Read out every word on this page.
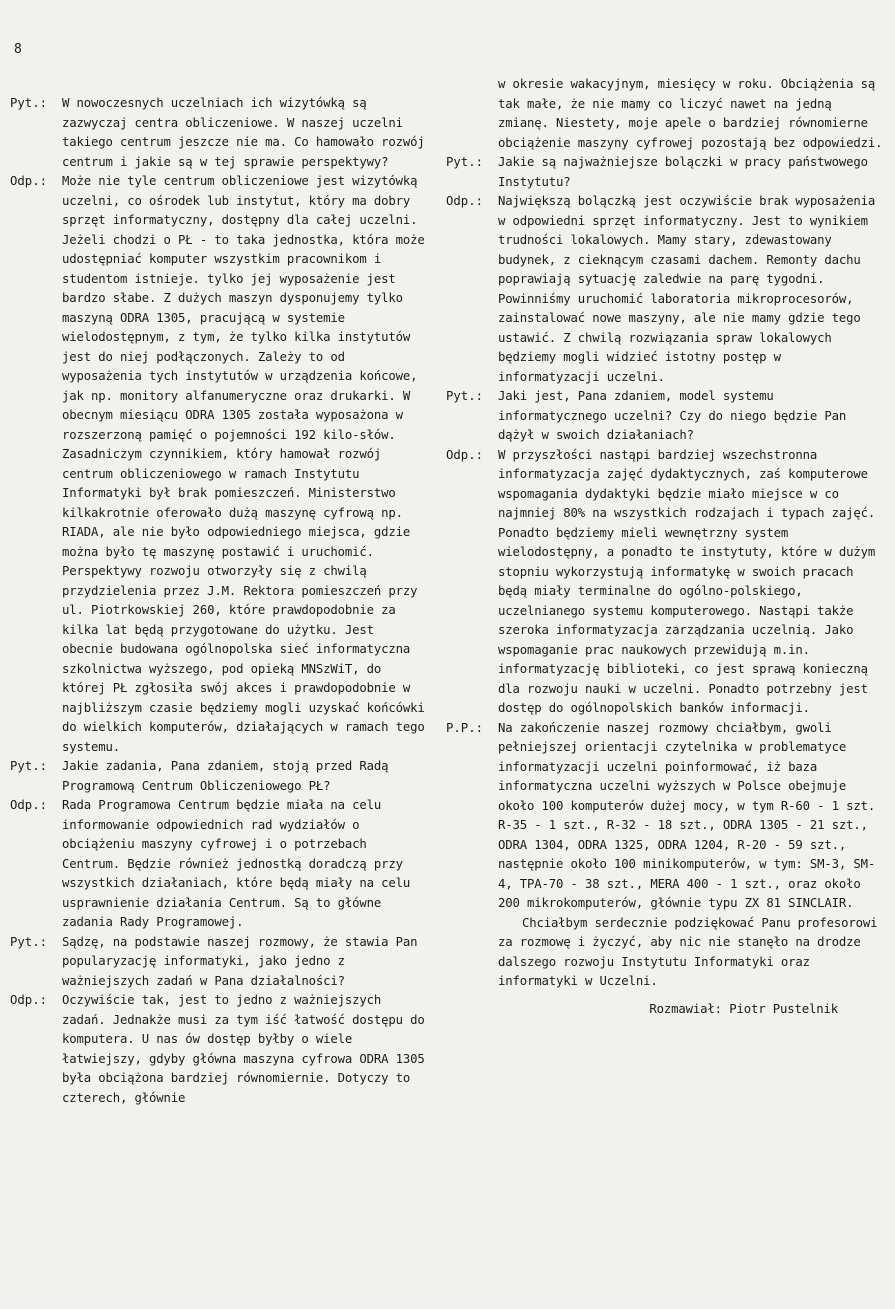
8
Pyt.:	W nowoczesnych uczelniach ich wizytówką są zazwyczaj centra obliczeniowe. W naszej uczelni takiego centrum jeszcze nie ma. Co hamowało rozwój centrum i jakie są w tej sprawie perspektywy?
Odp.:	Może nie tyle centrum obliczeniowe jest wizytówką uczelni, co ośrodek lub instytut, który ma dobry sprzęt informatyczny, dostępny dla całej uczelni. Jeżeli chodzi o PŁ - to taka jednostka, która może udostępniać komputer wszystkim pracownikom i studentom istnieje. tylko jej wyposażenie jest bardzo słabe. Z dużych maszyn dysponujemy tylko maszyną ODRA 1305, pracującą w systemie wielodostępnym, z tym, że tylko kilka instytutów jest do niej podłączonych. Zależy to od wyposażenia tych instytutów w urządzenia końcowe, jak np. monitory alfanumeryczne oraz drukarki. W obecnym miesiącu ODRA 1305 została wyposażona w rozszerzoną pamięć o pojemności 192 kilo-słów. Zasadniczym czynnikiem, który hamował rozwój centrum obliczeniowego w ramach Instytutu Informatyki był brak pomieszczeń. Ministerstwo kilkakrotnie oferowało dużą maszynę cyfrową np. RIADA, ale nie było odpowiedniego miejsca, gdzie można było tę maszynę postawić i uruchomić. Perspektywy rozwoju otworzyły się z chwilą przydzielenia przez J.M. Rektora pomieszczeń przy ul. Piotrkowskiej 260, które prawdopodobnie za kilka lat będą przygotowane do użytku. Jest obecnie budowana ogólnopolska sieć informatyczna szkolnictwa wyższego, pod opieką MNSzWiT, do której PŁ zgłosiła swój akces i prawdopodobnie w najbliższym czasie będziemy mogli uzyskać końcówki do wielkich komputerów, działających w ramach tego systemu.
Pyt.:	Jakie zadania, Pana zdaniem, stoją przed Radą Programową Centrum Obliczeniowego PŁ?
Odp.:	Rada Programowa Centrum będzie miała na celu informowanie odpowiednich rad wydziałów o obciążeniu maszyny cyfrowej i o potrzebach Centrum. Będzie również jednostką doradczą przy wszystkich działaniach, które będą miały na celu usprawnienie działania Centrum. Są to główne zadania Rady Programowej.
Pyt.:	Sądzę, na podstawie naszej rozmowy, że stawia Pan popularyzację informatyki, jako jedno z ważniejszych zadań w Pana działalności?
Odp.:	Oczywiście tak, jest to jedno z ważniejszych zadań. Jednakże musi za tym iść łatwość dostępu do komputera. U nas ów dostęp byłby o wiele łatwiejszy, gdyby główna maszyna cyfrowa ODRA 1305 była obciążona bardziej równomiernie. Dotyczy to czterech, głównie
w okresie wakacyjnym, miesięcy w roku. Obciążenia są tak małe, że nie mamy co liczyć nawet na jedną zmianę. Niestety, moje apele o bardziej równomierne obciążenie maszyny cyfrowej pozostają bez odpowiedzi.
Pyt.:	Jakie są najważniejsze bolączki w pracy państwowego Instytutu?
Odp.:	Największą bolączką jest oczywiście brak wyposażenia w odpowiedni sprzęt informatyczny. Jest to wynikiem trudności lokalowych. Mamy stary, zdewastowany budynek, z cieknącym czasami dachem. Remonty dachu poprawiają sytuację zaledwie na parę tygodni.
Powinniśmy uruchomić laboratoria mikroprocesorów, zainstalować nowe maszyny, ale nie mamy gdzie tego ustawić. Z chwilą rozwiązania spraw lokalowych będziemy mogli widzieć istotny postęp w informatyzacji uczelni.
Pyt.:	Jaki jest, Pana zdaniem, model systemu informatycznego uczelni? Czy do niego będzie Pan dążył w swoich działaniach?
Odp.:	W przyszłości nastąpi bardziej wszechstronna informatyzacja zajęć dydaktycznych, zaś komputerowe wspomagania dydaktyki będzie miało miejsce w co najmniej 80% na wszystkich rodzajach i typach zajęć. Ponadto będziemy mieli wewnętrzny system wielodostępny, a ponadto te instytuty, które w dużym stopniu wykorzystują informatykę w swoich pracach będą miały terminalne do ogólno-polskiego, uczelnianego systemu komputerowego. Nastąpi także szeroka informatyzacja zarządzania uczelnią. Jako wspomaganie prac naukowych przewidują m.in. informatyzację biblioteki, co jest sprawą konieczną dla rozwoju nauki w uczelni. Ponadto potrzebny jest dostęp do ogólnopolskich banków informacji.
P.P.:	Na zakończenie naszej rozmowy chciałbym, gwoli pełniejszej orientacji czytelnika w problematyce informatyzacji uczelni poinformować, iż baza informatyczna uczelni wyższych w Polsce obejmuje około 100 komputerów dużej mocy, w tym R-60 - 1 szt. R-35 - 1 szt., R-32 - 18 szt., ODRA 1305 - 21 szt., ODRA 1304, ODRA 1325, ODRA 1204, R-20 - 59 szt., następnie około 100 minikomputerów, w tym: SM-3, SM-4, TPA-70 - 38 szt., MERA 400 - 1 szt., oraz około 200 mikrokomputerów, głównie typu ZX 81 SINCLAIR.
Chciałbym serdecznie podziękować Panu profesorowi za rozmowę i życzyć, aby nic nie stanęło na drodze dalszego rozwoju Instytutu Informatyki oraz informatyki w Uczelni.
Rozmawiał: Piotr Pustelnik
